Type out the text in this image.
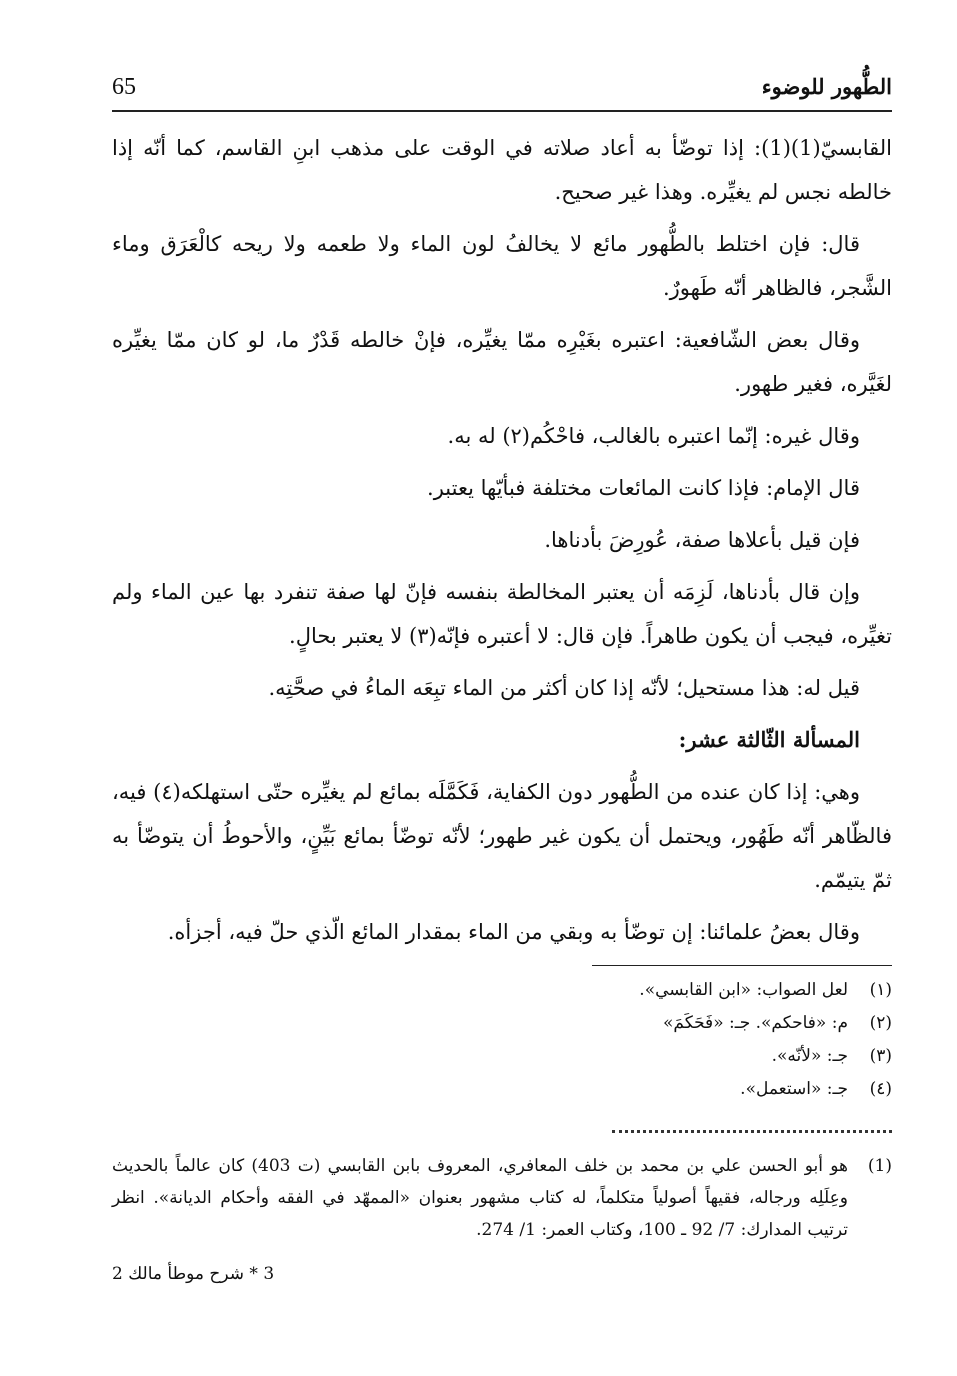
65	الطُّهور للوضوء

القابسيّ(1)(1): إذا توضّأ به أعاد صلاته في الوقت على مذهب ابنِ القاسم، كما أنّه إذا خالطه نجس لم يغيِّره. وهذا غير صحيح.

قال: فإن اختلط بالطُّهور مائع لا يخالفُ لون الماء ولا طعمه ولا ريحه كالْعَرَق وماء الشَّجر، فالظاهر أنّه طَهورٌ.

وقال بعض الشّافعية: اعتبره بغَيْرِه ممّا يغيِّره، فإنْ خالطه قَدْرٌ ما، لو كان ممّا يغيِّره لغَيَّره، فغير طهور.

وقال غيره: إنّما اعتبره بالغالب، فاحْكُم(٢) له به.

قال الإمام: فإذا كانت المائعات مختلفة فبأيّها يعتبر.

فإن قيل بأعلاها صفة، عُورِضَ بأدناها.

وإن قال بأدناها، لَزِمَه أن يعتبر المخالطة بنفسه فإنّ لها صفة تنفرد بها عين الماء ولم تغيِّره، فيجب أن يكون طاهراً. فإن قال: لا أعتبره فإنّه(٣) لا يعتبر بحالٍ.

قيل له: هذا مستحيل؛ لأنّه إذا كان أكثر من الماء تبِعَه الماءُ في صحَّتِه.

المسألة الثّالثة عشر:

وهي: إذا كان عنده من الطُّهور دون الكفاية، فَكَمَّلَه بمائع لم يغيِّره حتّى استهلكه(٤) فيه، فالظّاهر أنّه طَهُور، ويحتمل أن يكون غير طهور؛ لأنّه توضّأ بمائع بَيِّنٍ، والأحوطُ أن يتوضّأ به ثمّ يتيمّم.

وقال بعضُ علمائنا: إن توضّأ به وبقي من الماء بمقدار المائع الّذي حلّ فيه، أجزأه.

(١)
لعل الصواب: «ابن القابسي».
(٢)
م: «فاحكم». جـ: «فَحَكَمَ»
(٣)
جـ: «لأنّه».
(٤)
جـ: «استعمل».
(1)
هو أبو الحسن علي بن محمد بن خلف المعافري، المعروف بابن القابسي (ت 403) كان عالماً بالحديث وعِلَلِه ورجاله، فقيهاً أصولياً متكلماً، له كتاب مشهور بعنوان «الممهّد في الفقه وأحكام الديانة». انظر ترتيب المدارك: 7/ 92 ـ 100، وكتاب العمر: 1/ 274.
3 * شرح موطأ مالك 2
